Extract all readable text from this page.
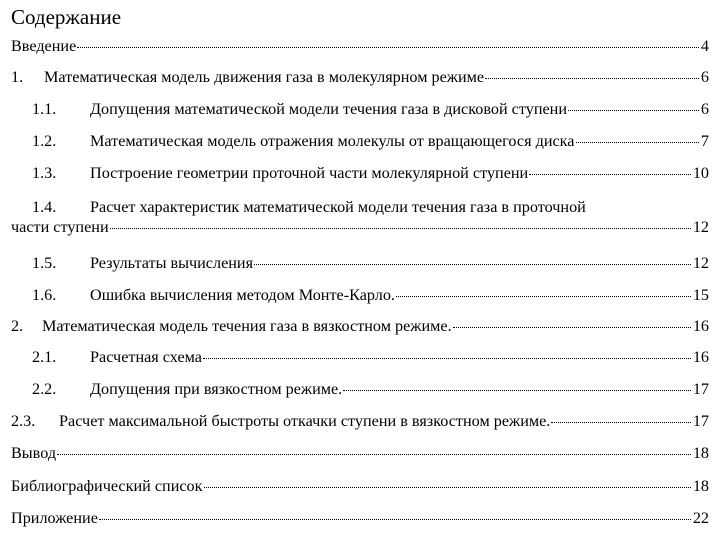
Содержание
Введение	4
1.	Математическая модель движения газа в молекулярном режиме	6
1.1.	Допущения математической модели течения газа в дисковой ступени	6
1.2.	Математическая модель отражения молекулы от вращающегося диска	7
1.3.	Построение геометрии проточной части молекулярной ступени	10
1.4.	Расчет характеристик математической модели течения газа в проточной
части ступени	12
1.5.	Результаты вычисления	12
1.6.	Ошибка вычисления методом Монте-Карло.	15
2.	Математическая модель течения газа в вязкостном режиме.	16
2.1.	Расчетная схема	16
2.2.	Допущения при вязкостном режиме.	17
2.3.	Расчет максимальной быстроты откачки ступени в вязкостном режиме.	17
Вывод	18
Библиографический список	18
Приложение	22
